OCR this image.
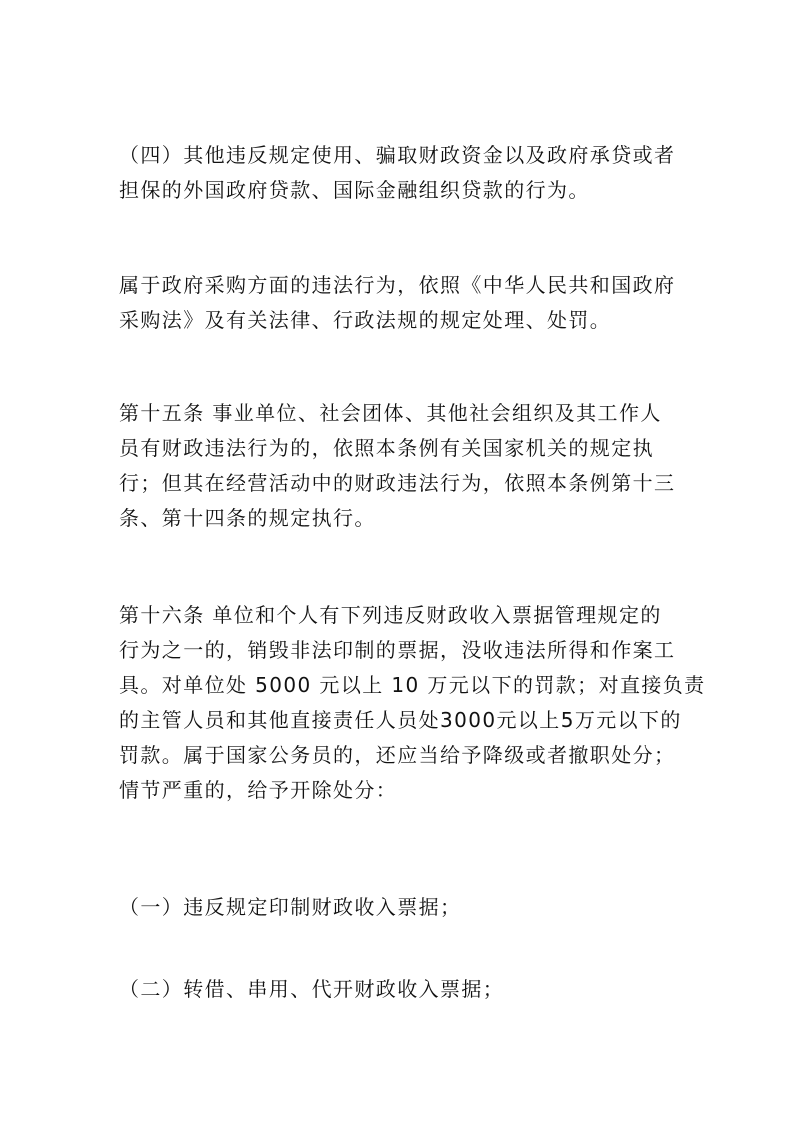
（四）其他违反规定使用、骗取财政资金以及政府承贷或者
担保的外国政府贷款、国际金融组织贷款的行为。

属于政府采购方面的违法行为，依照《中华人民共和国政府
采购法》及有关法律、行政法规的规定处理、处罚。

第十五条 事业单位、社会团体、其他社会组织及其工作人
员有财政违法行为的，依照本条例有关国家机关的规定执
行；但其在经营活动中的财政违法行为，依照本条例第十三
条、第十四条的规定执行。

第十六条 单位和个人有下列违反财政收入票据管理规定的
行为之一的，销毁非法印制的票据，没收违法所得和作案工
具。对单位处 5000 元以上 10 万元以下的罚款；对直接负责
的主管人员和其他直接责任人员处3000元以上5万元以下的
罚款。属于国家公务员的，还应当给予降级或者撤职处分；
情节严重的，给予开除处分：

（一）违反规定印制财政收入票据；

（二）转借、串用、代开财政收入票据；
